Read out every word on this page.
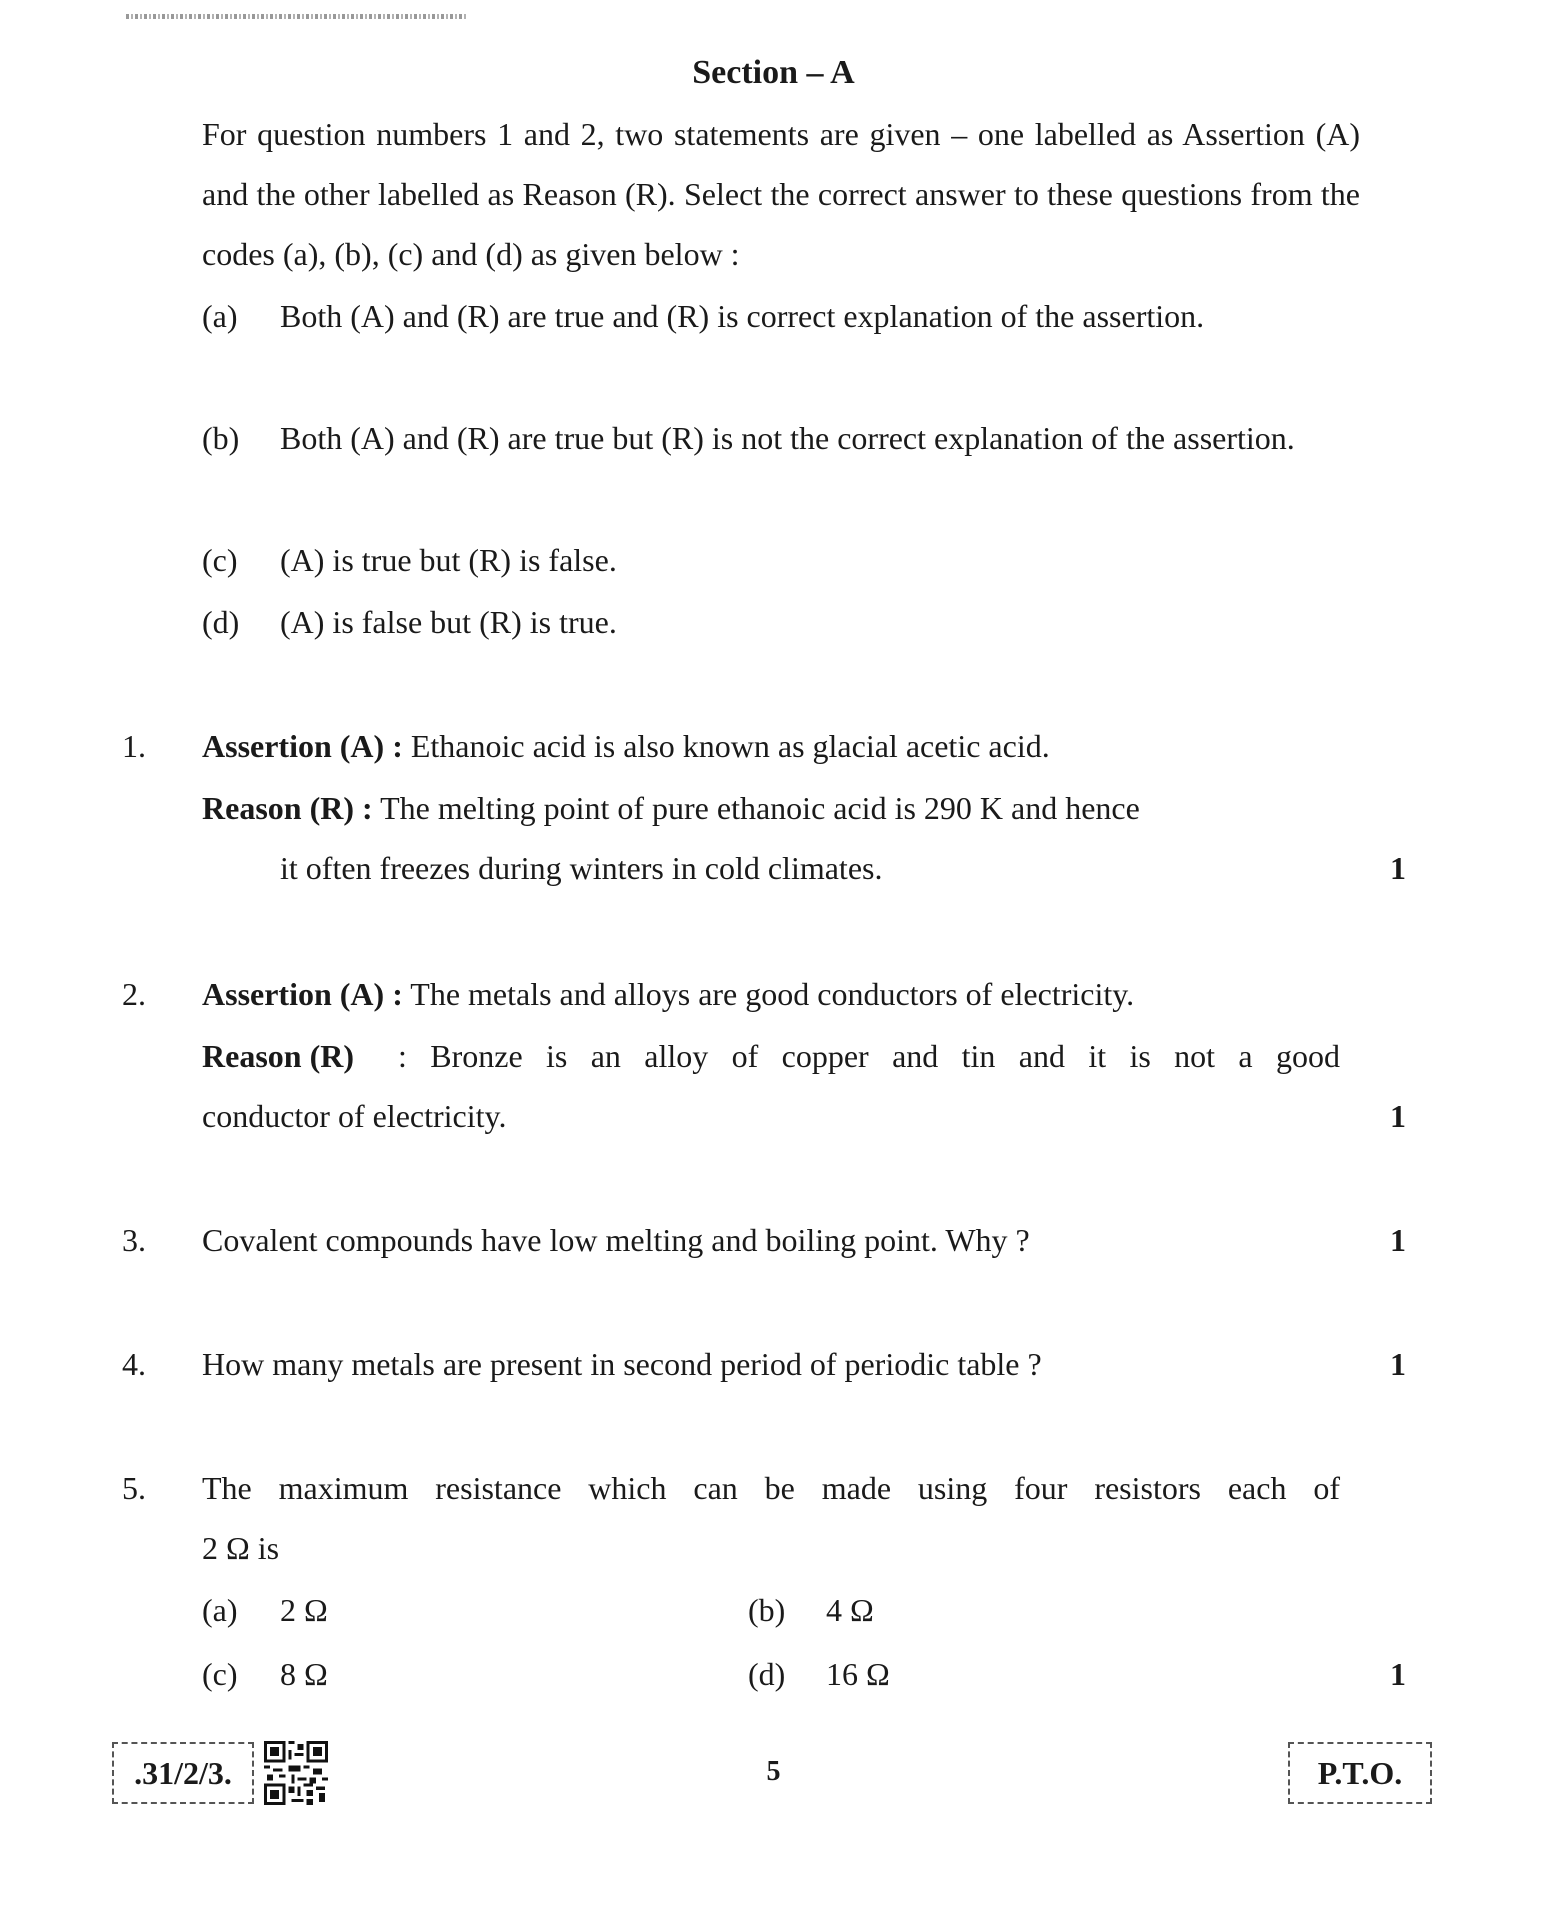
Section – A

For question numbers 1 and 2, two statements are given – one labelled as Assertion (A) and the other labelled as Reason (R). Select the correct answer to these questions from the codes (a), (b), (c) and (d) as given below :

(a) Both (A) and (R) are true and (R) is correct explanation of the assertion.
(b) Both (A) and (R) are true but (R) is not the correct explanation of the assertion.
(c) (A) is true but (R) is false.
(d) (A) is false but (R) is true.
1. Assertion (A) : Ethanoic acid is also known as glacial acetic acid.
Reason (R) : The melting point of pure ethanoic acid is 290 K and hence
it often freezes during winters in cold climates.	1
2. Assertion (A) : The metals and alloys are good conductors of electricity.
Reason (R) : Bronze is an alloy of copper and tin and it is not a good
conductor of electricity.	1
3. Covalent compounds have low melting and boiling point. Why ?	1
4. How many metals are present in second period of periodic table ?	1
5. The maximum resistance which can be made using four resistors each of
2 Ω is
(a) 2 Ω	(b) 4 Ω
(c) 8 Ω	(d) 16 Ω	1
.31/2/3.	5	P.T.O.
